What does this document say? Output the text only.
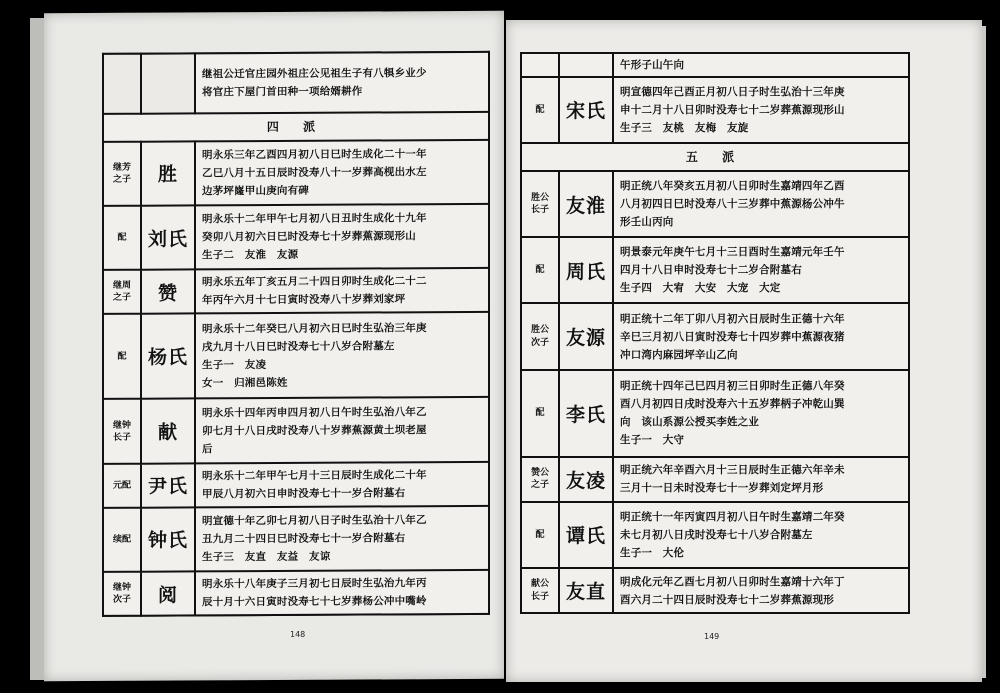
		继祖公迁官庄园外祖庄公见祖生子有八犋乡业少
将官庄下屋门首田种一项给婿耕作

四 派		
继芳
之子	胜	明永乐三年乙酉四月初八日巳时生成化二十一年
乙巳八月十五日辰时没寿八十一岁葬高枧出水左
边茅坪嶐甲山庚向有碑

配	刘氏	明永乐十二年甲午七月初八日丑时生成化十九年
癸卯八月初六日巳时没寿七十岁葬蕉源现形山
生子二　友淮　友源

继周
之子	赞	明永乐五年丁亥五月二十四日卯时生成化二十二
年丙午六月十七日寅时没寿八十岁葬刘家坪

配	杨氏	明永乐十二年癸巳八月初六日巳时生弘治三年庚
戌九月十八日巳时没寿七十八岁合附墓左
生子一　友凌
女一　归湘邑陈姓

继钟
长子	献	明永乐十四年丙申四月初八日午时生弘治八年乙
卯七月十八日戌时没寿八十岁葬蕉源黄土坝老屋
后

元配	尹氏	明永乐十二年甲午七月十三日辰时生成化二十年
甲辰八月初六日申时没寿七十一岁合附墓右

续配	钟氏	明宣德十年乙卯七月初八日子时生弘治十八年乙
丑九月二十四日巳时没寿七十一岁合附墓右
生子三　友直　友益　友谅

继钟
次子	阅	明永乐十八年庚子三月初七日辰时生弘治九年丙
辰十月十六日寅时没寿七十七岁葬杨公冲中嘴岭
148

		午形子山午向

配	宋氏	明宣德四年己酉正月初八日子时生弘治十三年庚
申十二月十八日卯时没寿七十二岁葬蕉源现形山
生子三　友桃　友梅　友旋

五 派		
胜公
长子	友淮	明正统八年癸亥五月初八日卯时生嘉靖四年乙酉
八月初四日巳时没寿八十三岁葬中蕉源杨公冲牛
形壬山丙向

配	周氏	明景泰元年庚午七月十三日酉时生嘉靖元年壬午
四月十八日申时没寿七十二岁合附墓右
生子四　大宥　大安　大宠　大定

胜公
次子	友源	明正统十二年丁卯八月初六日辰时生正德十六年
辛巳三月初八日寅时没寿七十四岁葬中蕉源夜猪
冲口湾内麻园坪辛山乙向

配	李氏	明正统十四年己巳四月初三日卯时生正德八年癸
酉八月初四日戌时没寿六十五岁葬柄子冲乾山巽
向　该山系源公授买李姓之业
生子一　大守

赞公
之子	友凌	明正统六年辛酉六月十三日辰时生正德六年辛未
三月十一日未时没寿七十一岁葬刘定坪月形

配	谭氏	明正统十一年丙寅四月初八日午时生嘉靖二年癸
未七月初八日戌时没寿七十八岁合附墓左
生子一　大伦

献公
长子	友直	明成化元年乙酉七月初八日卯时生嘉靖十六年丁
酉六月二十四日辰时没寿七十二岁葬蕉源现形
149
